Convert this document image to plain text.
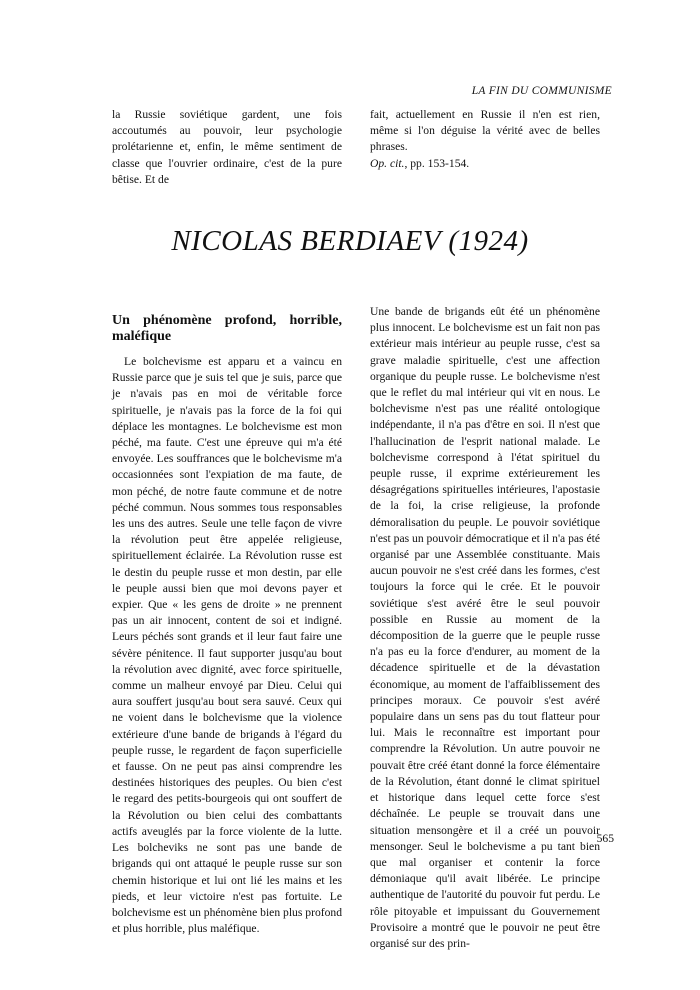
LA FIN DU COMMUNISME

la Russie soviétique gardent, une fois accoutumés au pouvoir, leur psychologie prolétarienne et, enfin, le même sentiment de classe que l'ouvrier ordinaire, c'est de la pure bêtise. Et de

fait, actuellement en Russie il n'en est rien, même si l'on déguise la vérité avec de belles phrases.

Op. cit., pp. 153-154.

NICOLAS BERDIAEV (1924)
Un phénomène profond, horrible, maléfique

Le bolchevisme est apparu et a vaincu en Russie parce que je suis tel que je suis, parce que je n'avais pas en moi de véritable force spirituelle, je n'avais pas la force de la foi qui déplace les montagnes. Le bolchevisme est mon péché, ma faute. C'est une épreuve qui m'a été envoyée. Les souffrances que le bolchevisme m'a occasionnées sont l'expiation de ma faute, de mon péché, de notre faute commune et de notre péché commun. Nous sommes tous responsables les uns des autres. Seule une telle façon de vivre la révolution peut être appelée religieuse, spirituellement éclairée. La Révolution russe est le destin du peuple russe et mon destin, par elle le peuple aussi bien que moi devons payer et expier. Que « les gens de droite » ne prennent pas un air innocent, content de soi et indigné. Leurs péchés sont grands et il leur faut faire une sévère pénitence. Il faut supporter jusqu'au bout la révolution avec dignité, avec force spirituelle, comme un malheur envoyé par Dieu. Celui qui aura souffert jusqu'au bout sera sauvé. Ceux qui ne voient dans le bolchevisme que la violence extérieure d'une bande de brigands à l'égard du peuple russe, le regardent de façon superficielle et fausse. On ne peut pas ainsi comprendre les destinées historiques des peuples. Ou bien c'est le regard des petits-bourgeois qui ont souffert de la Révolution ou bien celui des combattants actifs aveuglés par la force violente de la lutte. Les bolcheviks ne sont pas une bande de brigands qui ont attaqué le peuple russe sur son chemin historique et lui ont lié les mains et les pieds, et leur victoire n'est pas fortuite. Le bolchevisme est un phénomène bien plus profond et plus horrible, plus maléfique.

Une bande de brigands eût été un phénomène plus innocent. Le bolchevisme est un fait non pas extérieur mais intérieur au peuple russe, c'est sa grave maladie spirituelle, c'est une affection organique du peuple russe. Le bolchevisme n'est que le reflet du mal intérieur qui vit en nous. Le bolchevisme n'est pas une réalité ontologique indépendante, il n'a pas d'être en soi. Il n'est que l'hallucination de l'esprit national malade. Le bolchevisme correspond à l'état spirituel du peuple russe, il exprime extérieurement les désagrégations spirituelles intérieures, l'apostasie de la foi, la crise religieuse, la profonde démoralisation du peuple. Le pouvoir soviétique n'est pas un pouvoir démocratique et il n'a pas été organisé par une Assemblée constituante. Mais aucun pouvoir ne s'est créé dans les formes, c'est toujours la force qui le crée. Et le pouvoir soviétique s'est avéré être le seul pouvoir possible en Russie au moment de la décomposition de la guerre que le peuple russe n'a pas eu la force d'endurer, au moment de la décadence spirituelle et de la dévastation économique, au moment de l'affaiblissement des principes moraux. Ce pouvoir s'est avéré populaire dans un sens pas du tout flatteur pour lui. Mais le reconnaître est important pour comprendre la Révolution. Un autre pouvoir ne pouvait être créé étant donné la force élémentaire de la Révolution, étant donné le climat spirituel et historique dans lequel cette force s'est déchaînée. Le peuple se trouvait dans une situation mensongère et il a créé un pouvoir mensonger. Seul le bolchevisme a pu tant bien que mal organiser et contenir la force démoniaque qu'il avait libérée. Le principe authentique de l'autorité du pouvoir fut perdu. Le rôle pitoyable et impuissant du Gouvernement Provisoire a montré que le pouvoir ne peut être organisé sur des prin-

565
